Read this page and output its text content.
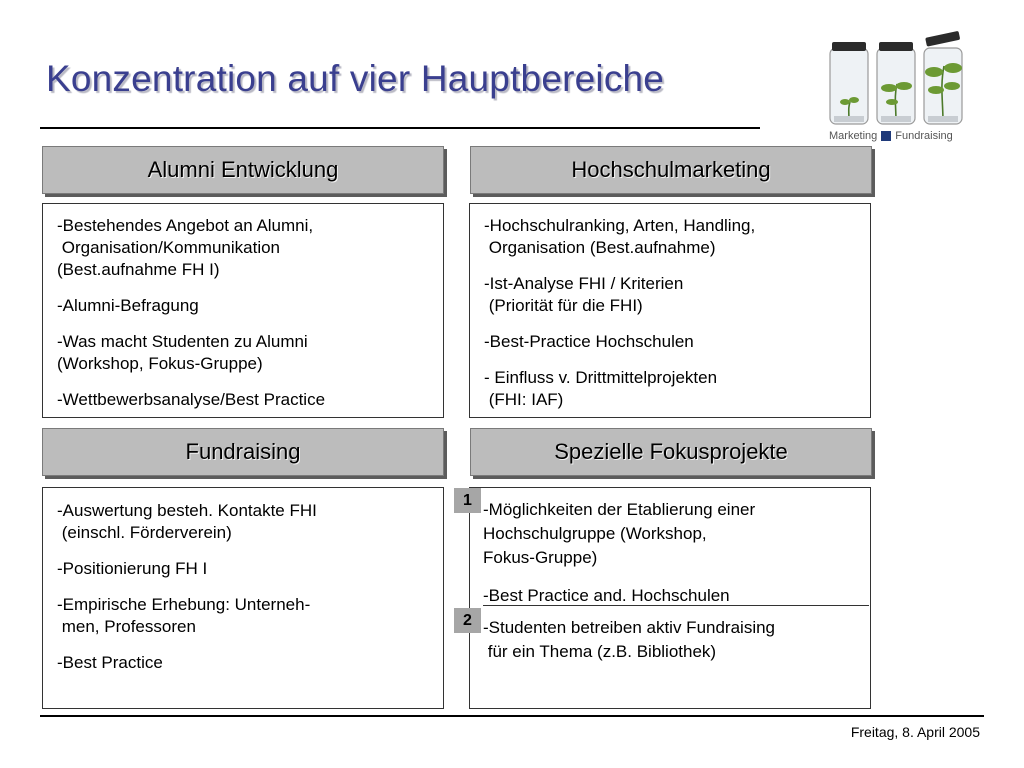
Konzentration auf vier Hauptbereiche
Marketing Fundraising
Alumni Entwicklung

-Bestehendes Angebot an Alumni,
Organisation/Kommunikation
(Best.aufnahme FH I)

-Alumni-Befragung

-Was macht Studenten zu Alumni
(Workshop, Fokus-Gruppe)

-Wettbewerbsanalyse/Best Practice

Hochschulmarketing

-Hochschulranking, Arten, Handling,
Organisation (Best.aufnahme)

-Ist-Analyse FHI / Kriterien
(Priorität für die FHI)

-Best-Practice Hochschulen

- Einfluss v. Drittmittelprojekten
(FHI: IAF)

Fundraising

-Auswertung besteh. Kontakte FHI
(einschl. Förderverein)

-Positionierung FH I

-Empirische Erhebung: Unterneh-
men, Professoren

-Best Practice

Spezielle Fokusprojekte
1 -Möglichkeiten der Etablierung einer
Hochschulgruppe (Workshop,
Fokus-Gruppe)

-Best Practice and. Hochschulen

2 -Studenten betreiben aktiv Fundraising
für ein Thema (z.B. Bibliothek)

Freitag, 8. April 2005
